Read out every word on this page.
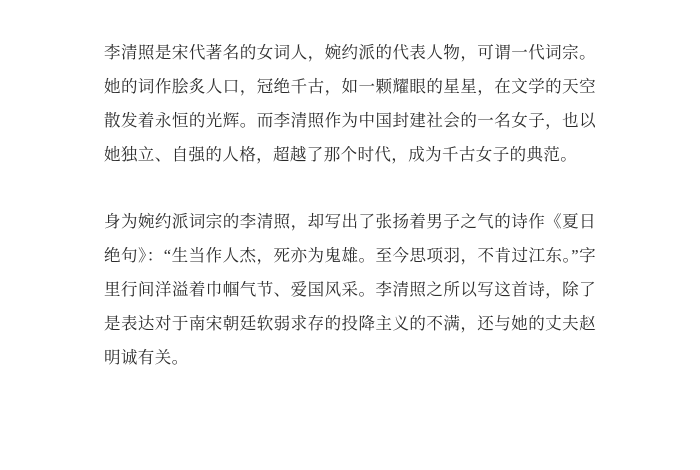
李清照是宋代著名的女词人，婉约派的代表人物，可谓一代词宗。她的词作脍炙人口，冠绝千古，如一颗耀眼的星星，在文学的天空散发着永恒的光辉。而李清照作为中国封建社会的一名女子，也以她独立、自强的人格，超越了那个时代，成为千古女子的典范。

身为婉约派词宗的李清照，却写出了张扬着男子之气的诗作《夏日绝句》：“生当作人杰，死亦为鬼雄。至今思项羽，不肯过江东。”字里行间洋溢着巾帼气节、爱国风采。李清照之所以写这首诗，除了是表达对于南宋朝廷软弱求存的投降主义的不满，还与她的丈夫赵明诚有关。
